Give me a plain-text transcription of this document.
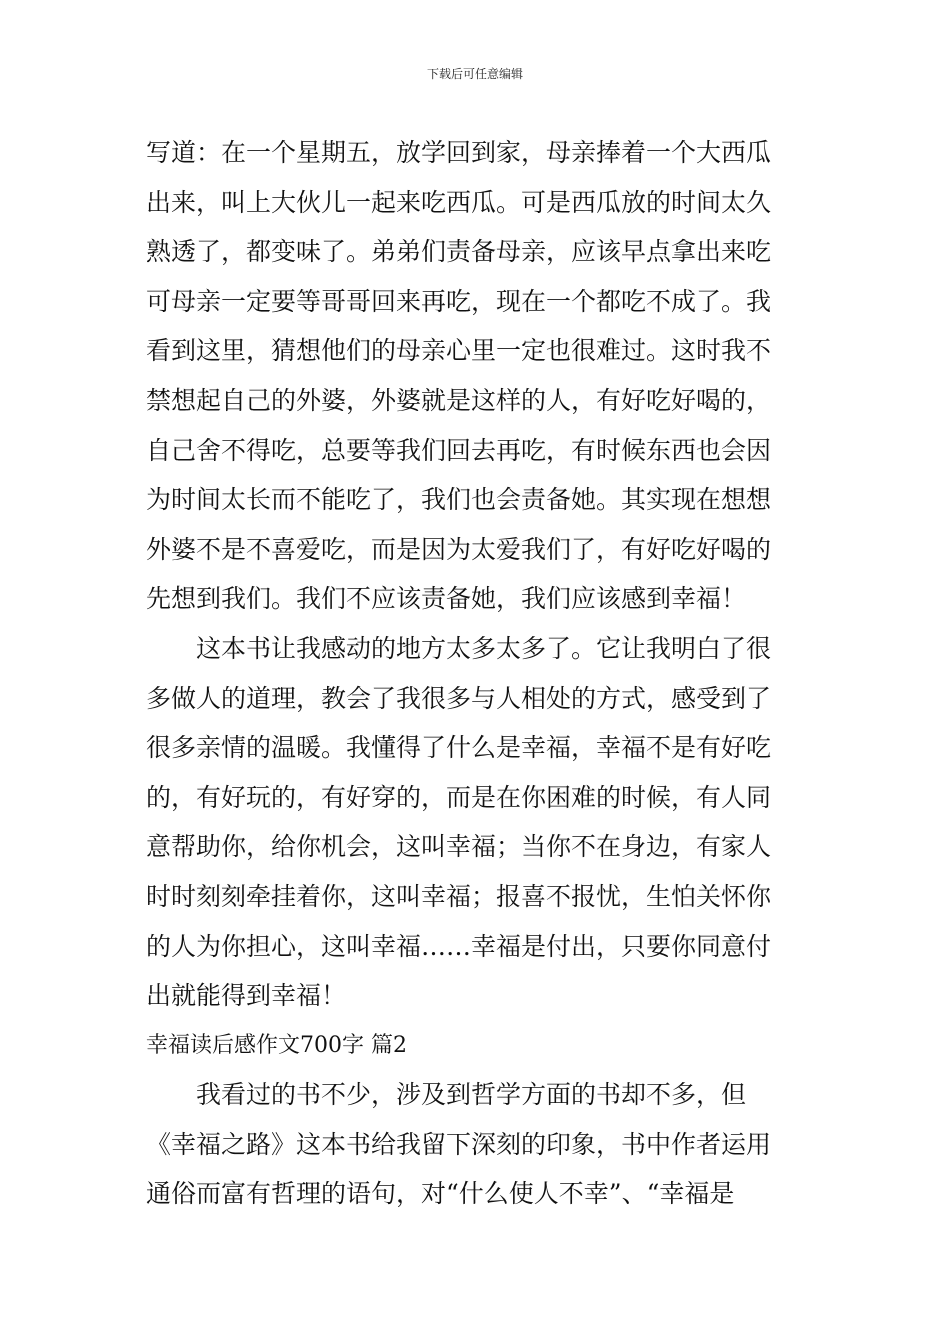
下载后可任意编辑
写道：在一个星期五，放学回到家，母亲捧着一个大西瓜
出来，叫上大伙儿一起来吃西瓜。可是西瓜放的时间太久
熟透了，都变味了。弟弟们责备母亲，应该早点拿出来吃
可母亲一定要等哥哥回来再吃，现在一个都吃不成了。我
看到这里，猜想他们的母亲心里一定也很难过。这时我不
禁想起自己的外婆，外婆就是这样的人，有好吃好喝的，
自己舍不得吃，总要等我们回去再吃，有时候东西也会因
为时间太长而不能吃了，我们也会责备她。其实现在想想
外婆不是不喜爱吃，而是因为太爱我们了，有好吃好喝的
先想到我们。我们不应该责备她，我们应该感到幸福！
这本书让我感动的地方太多太多了。它让我明白了很
多做人的道理，教会了我很多与人相处的方式，感受到了
很多亲情的温暖。我懂得了什么是幸福，幸福不是有好吃
的，有好玩的，有好穿的，而是在你困难的时候，有人同
意帮助你，给你机会，这叫幸福；当你不在身边，有家人
时时刻刻牵挂着你，这叫幸福；报喜不报忧，生怕关怀你
的人为你担心，这叫幸福……幸福是付出，只要你同意付
出就能得到幸福！
幸福读后感作文700字 篇2
我看过的书不少，涉及到哲学方面的书却不多，但
《幸福之路》这本书给我留下深刻的印象，书中作者运用
通俗而富有哲理的语句，对“什么使人不幸”、“幸福是
